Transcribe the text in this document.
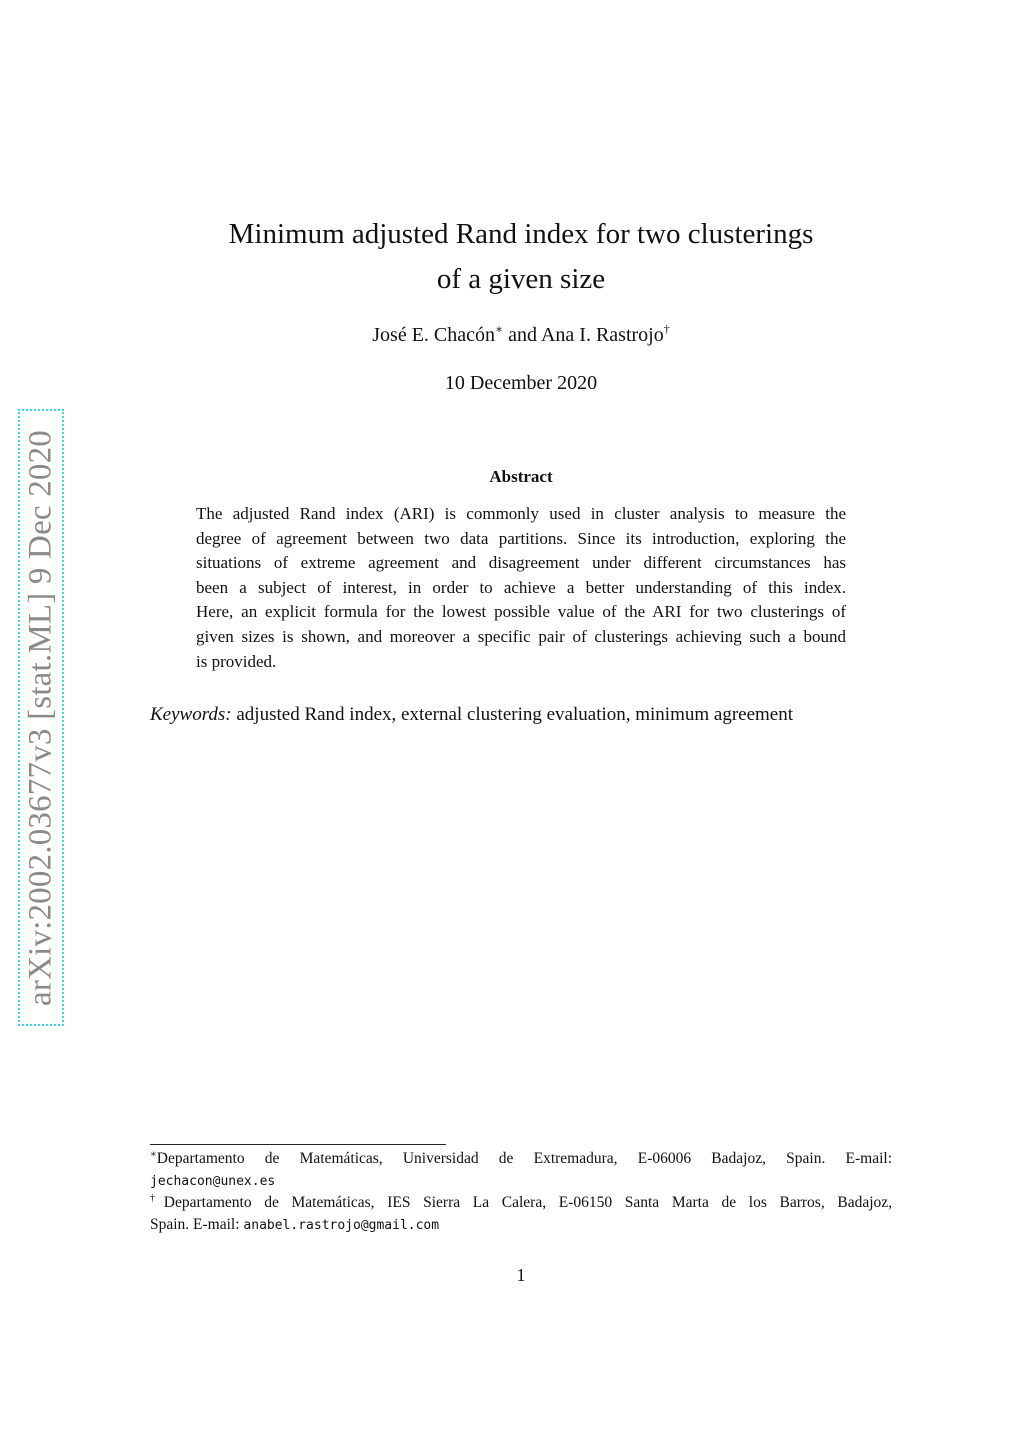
arXiv:2002.03677v3 [stat.ML] 9 Dec 2020
Minimum adjusted Rand index for two clusterings
of a given size
José E. Chacón∗ and Ana I. Rastrojo†
10 December 2020
Abstract
The adjusted Rand index (ARI) is commonly used in cluster analysis to measure the
degree of agreement between two data partitions. Since its introduction, exploring the
situations of extreme agreement and disagreement under different circumstances has
been a subject of interest, in order to achieve a better understanding of this index.
Here, an explicit formula for the lowest possible value of the ARI for two clusterings of
given sizes is shown, and moreover a specific pair of clusterings achieving such a bound
is provided.
Keywords: adjusted Rand index, external clustering evaluation, minimum agreement
∗Departamento de Matemáticas, Universidad de Extremadura, E-06006 Badajoz, Spain. E-mail:
jechacon@unex.es
†Departamento de Matemáticas, IES Sierra La Calera, E-06150 Santa Marta de los Barros, Badajoz,
Spain. E-mail: anabel.rastrojo@gmail.com
1
